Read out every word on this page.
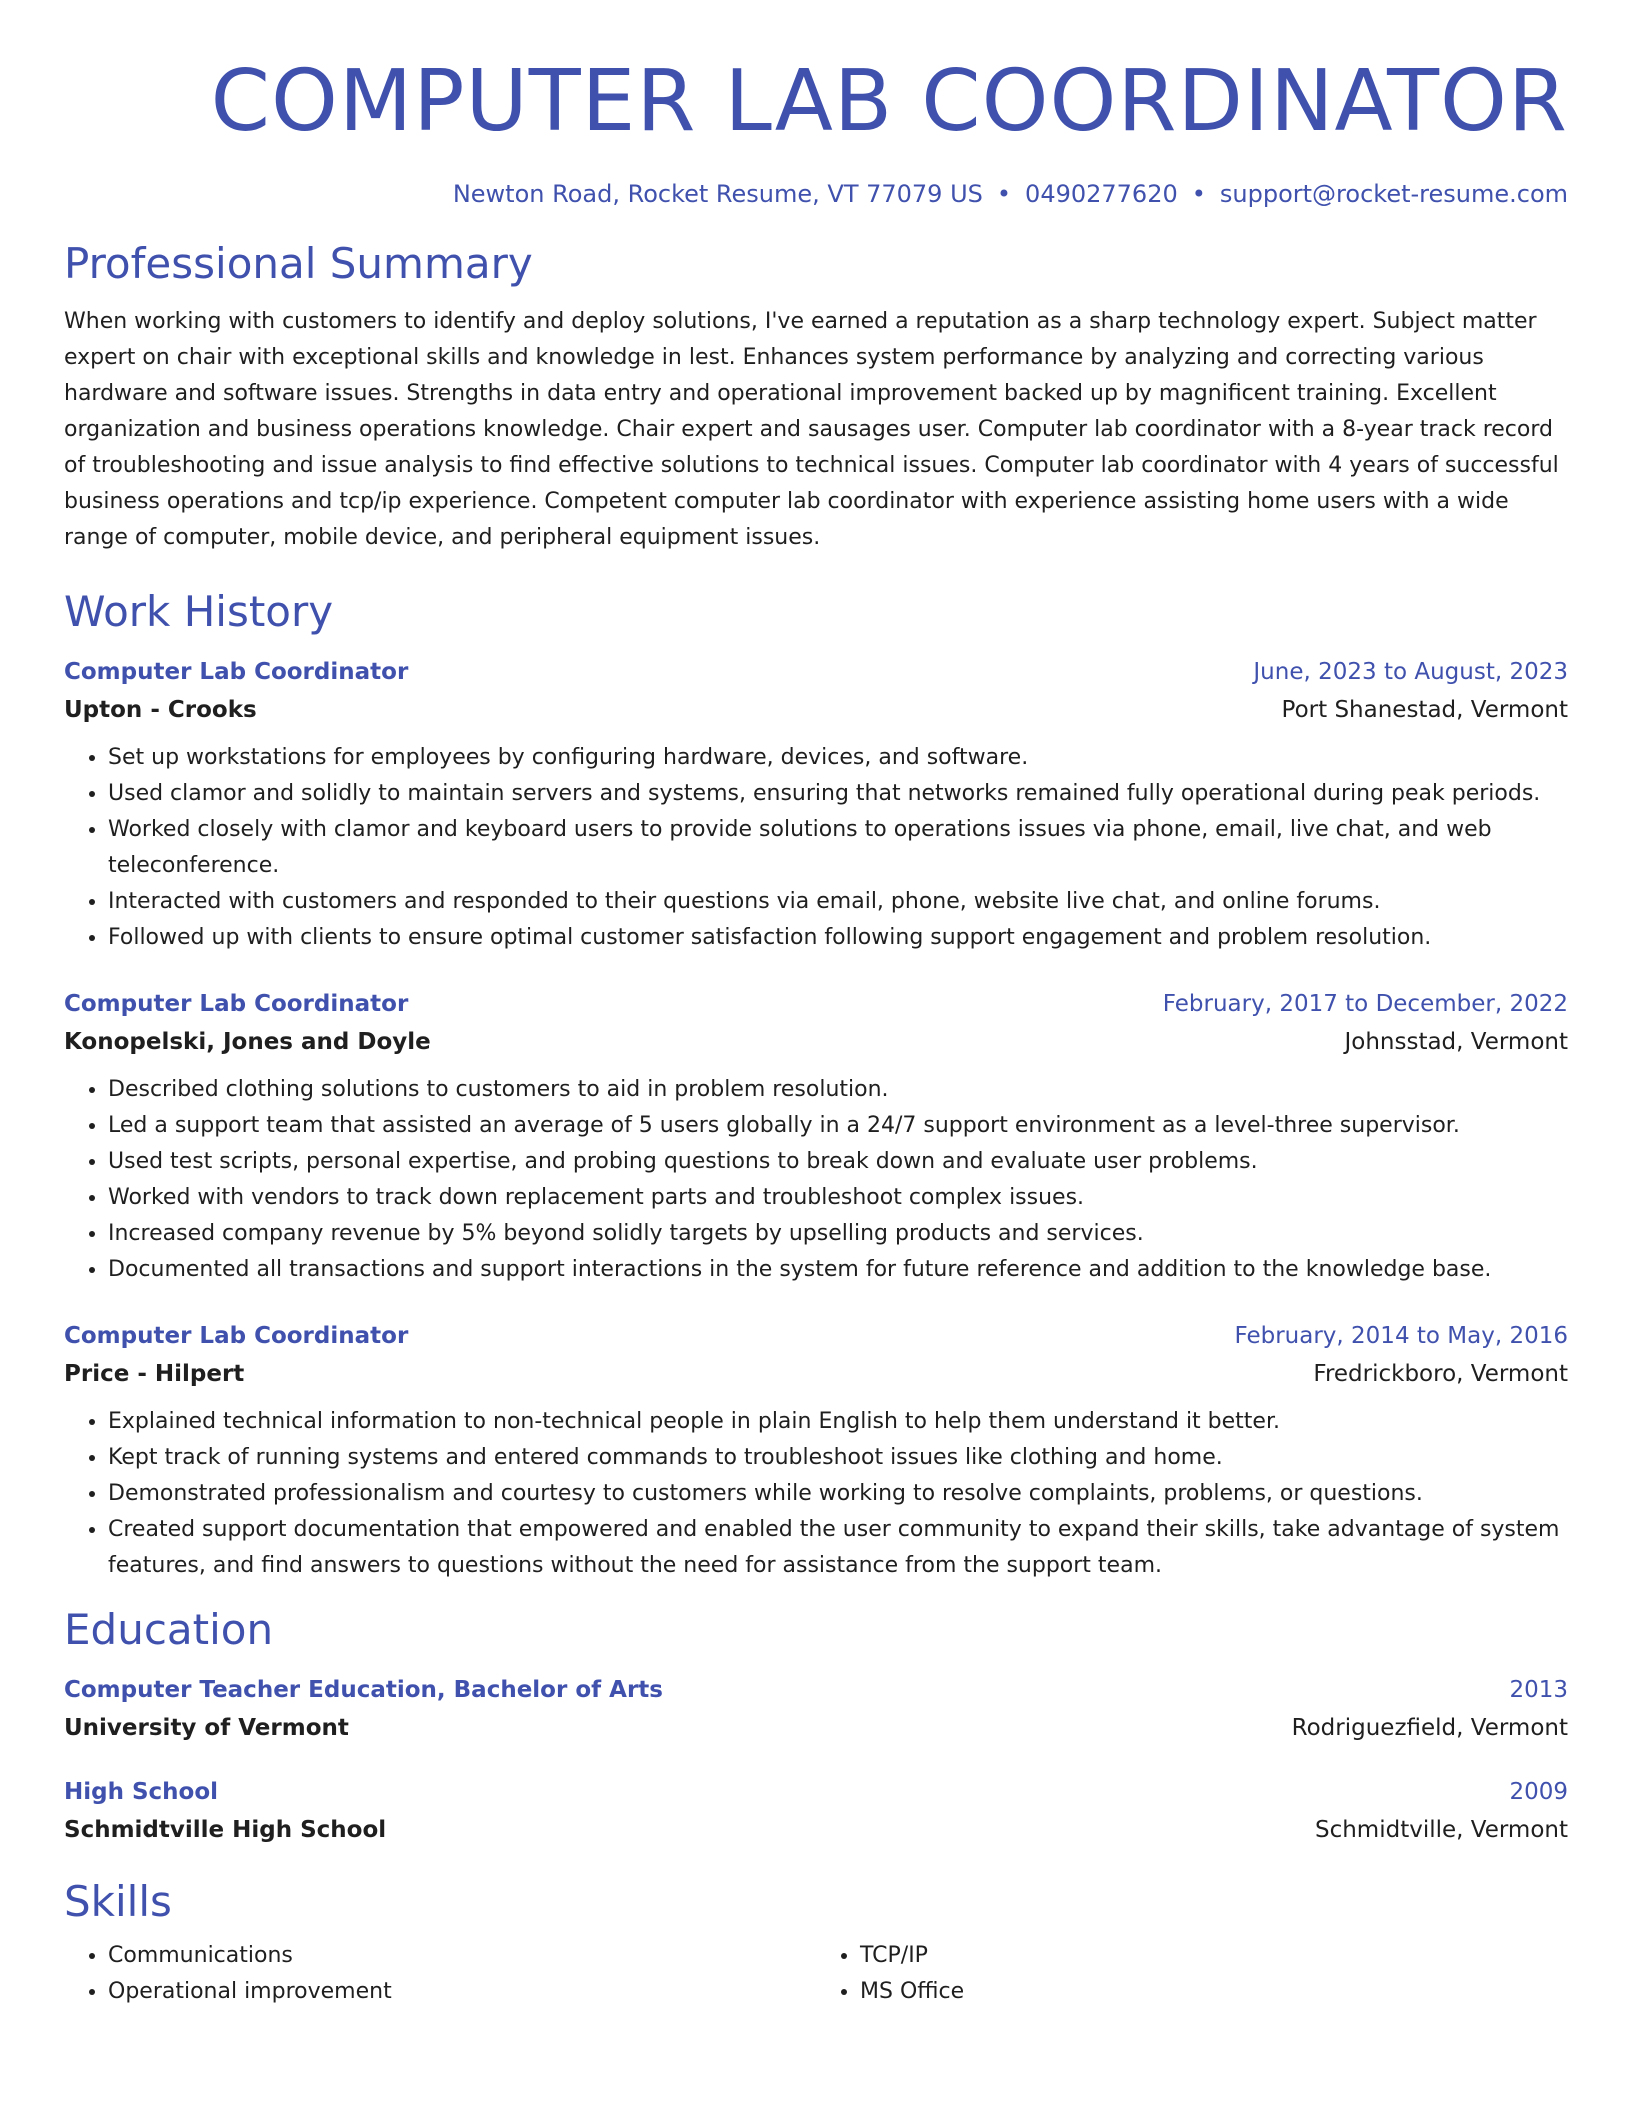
COMPUTER LAB COORDINATOR
Newton Road, Rocket Resume, VT 77079 US • 0490277620 • support@rocket-resume.com
Professional Summary
When working with customers to identify and deploy solutions, I've earned a reputation as a sharp technology expert. Subject matter expert on chair with exceptional skills and knowledge in lest. Enhances system performance by analyzing and correcting various hardware and software issues. Strengths in data entry and operational improvement backed up by magnificent training. Excellent organization and business operations knowledge. Chair expert and sausages user. Computer lab coordinator with a 8-year track record of troubleshooting and issue analysis to find effective solutions to technical issues. Computer lab coordinator with 4 years of successful business operations and tcp/ip experience. Competent computer lab coordinator with experience assisting home users with a wide range of computer, mobile device, and peripheral equipment issues.
Work History
Computer Lab Coordinator	June, 2023 to August, 2023
Upton - Crooks	Port Shanestad, Vermont
• Set up workstations for employees by configuring hardware, devices, and software.
• Used clamor and solidly to maintain servers and systems, ensuring that networks remained fully operational during peak periods.
• Worked closely with clamor and keyboard users to provide solutions to operations issues via phone, email, live chat, and web teleconference.
• Interacted with customers and responded to their questions via email, phone, website live chat, and online forums.
• Followed up with clients to ensure optimal customer satisfaction following support engagement and problem resolution.
Computer Lab Coordinator	February, 2017 to December, 2022
Konopelski, Jones and Doyle	Johnsstad, Vermont
• Described clothing solutions to customers to aid in problem resolution.
• Led a support team that assisted an average of 5 users globally in a 24/7 support environment as a level-three supervisor.
• Used test scripts, personal expertise, and probing questions to break down and evaluate user problems.
• Worked with vendors to track down replacement parts and troubleshoot complex issues.
• Increased company revenue by 5% beyond solidly targets by upselling products and services.
• Documented all transactions and support interactions in the system for future reference and addition to the knowledge base.
Computer Lab Coordinator	February, 2014 to May, 2016
Price - Hilpert	Fredrickboro, Vermont
• Explained technical information to non-technical people in plain English to help them understand it better.
• Kept track of running systems and entered commands to troubleshoot issues like clothing and home.
• Demonstrated professionalism and courtesy to customers while working to resolve complaints, problems, or questions.
• Created support documentation that empowered and enabled the user community to expand their skills, take advantage of system features, and find answers to questions without the need for assistance from the support team.
Education
Computer Teacher Education, Bachelor of Arts	2013
University of Vermont	Rodriguezfield, Vermont
High School	2009
Schmidtville High School	Schmidtville, Vermont
Skills
• Communications
• Operational improvement
• TCP/IP
• MS Office
